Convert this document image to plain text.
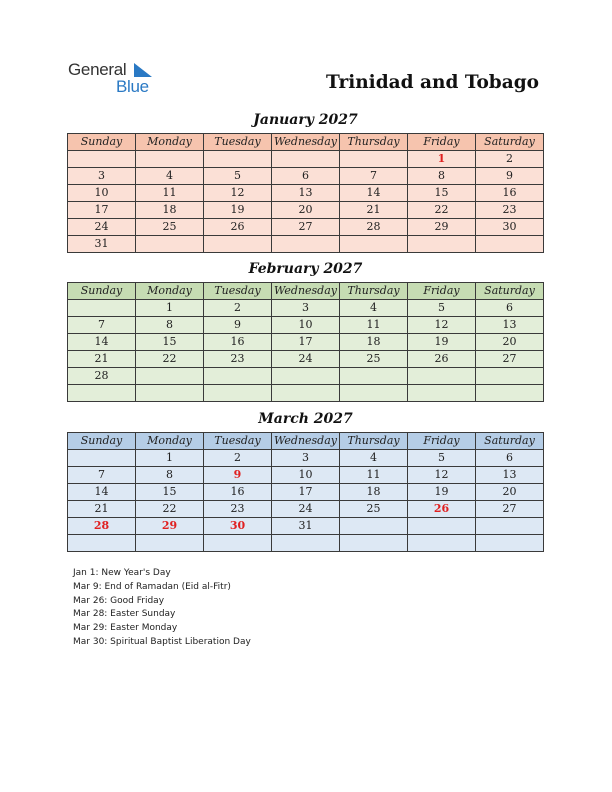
General
Blue	Trinidad and Tobago
January 2027
Sunday	Monday	Tuesday	Wednesday	Thursday	Friday	Saturday
					1	2
3	4	5	6	7	8	9
10	11	12	13	14	15	16
17	18	19	20	21	22	23
24	25	26	27	28	29	30
31						
February 2027
Sunday	Monday	Tuesday	Wednesday	Thursday	Friday	Saturday
	1	2	3	4	5	6
7	8	9	10	11	12	13
14	15	16	17	18	19	20
21	22	23	24	25	26	27
28						

March 2027
Sunday	Monday	Tuesday	Wednesday	Thursday	Friday	Saturday
	1	2	3	4	5	6
7	8	9	10	11	12	13
14	15	16	17	18	19	20
21	22	23	24	25	26	27
28	29	30	31			

Jan 1: New Year's Day
Mar 9: End of Ramadan (Eid al-Fitr)
Mar 26: Good Friday
Mar 28: Easter Sunday
Mar 29: Easter Monday
Mar 30: Spiritual Baptist Liberation Day
